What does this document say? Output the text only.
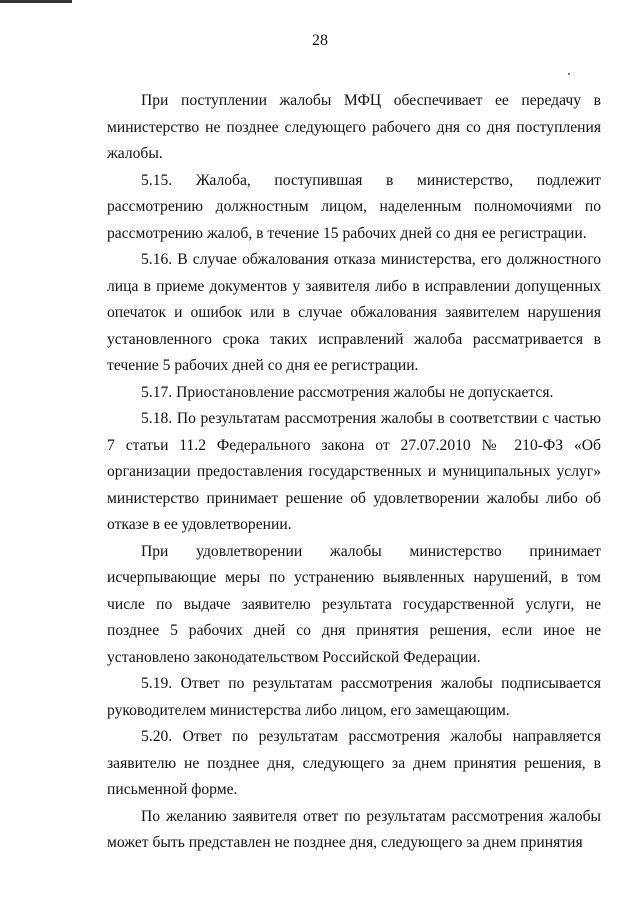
28

При поступлении жалобы МФЦ обеспечивает ее передачу в министерство не позднее следующего рабочего дня со дня поступления жалобы.

5.15. Жалоба, поступившая в министерство, подлежит рассмотрению должностным лицом, наделенным полномочиями по рассмотрению жалоб, в течение 15 рабочих дней со дня ее регистрации.

5.16. В случае обжалования отказа министерства, его должностного лица в приеме документов у заявителя либо в исправлении допущенных опечаток и ошибок или в случае обжалования заявителем нарушения установленного срока таких исправлений жалоба рассматривается в течение 5 рабочих дней со дня ее регистрации.

5.17. Приостановление рассмотрения жалобы не допускается.

5.18. По результатам рассмотрения жалобы в соответствии с частью 7 статьи 11.2 Федерального закона от 27.07.2010 № 210-ФЗ «Об организации предоставления государственных и муниципальных услуг» министерство принимает решение об удовлетворении жалобы либо об отказе в ее удовлетворении.

При удовлетворении жалобы министерство принимает исчерпывающие меры по устранению выявленных нарушений, в том числе по выдаче заявителю результата государственной услуги, не позднее 5 рабочих дней со дня принятия решения, если иное не установлено законодательством Российской Федерации.

5.19. Ответ по результатам рассмотрения жалобы подписывается руководителем министерства либо лицом, его замещающим.

5.20. Ответ по результатам рассмотрения жалобы направляется заявителю не позднее дня, следующего за днем принятия решения, в письменной форме.

По желанию заявителя ответ по результатам рассмотрения жалобы может быть представлен не позднее дня, следующего за днем принятия
